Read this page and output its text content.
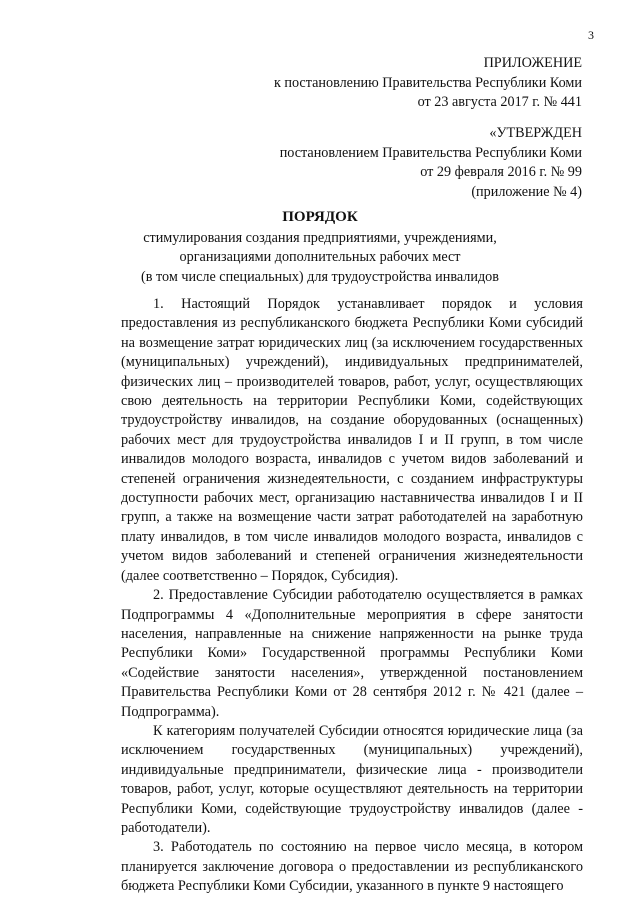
3
ПРИЛОЖЕНИЕ
к постановлению Правительства Республики Коми
от 23 августа 2017 г. № 441
«УТВЕРЖДЕН
постановлением Правительства Республики Коми
от 29 февраля 2016 г. № 99
(приложение № 4)
ПОРЯДОК
стимулирования создания предприятиями, учреждениями,
организациями дополнительных рабочих мест
(в том числе специальных) для трудоустройства инвалидов

1. Настоящий Порядок устанавливает порядок и условия предоставления из республиканского бюджета Республики Коми субсидий на возмещение затрат юридических лиц (за исключением государственных (муниципальных) учреждений), индивидуальных предпринимателей, физических лиц – производителей товаров, работ, услуг, осуществляющих свою деятельность на территории Республики Коми, содействующих трудоустройству инвалидов, на создание оборудованных (оснащенных) рабочих мест для трудоустройства инвалидов I и II групп, в том числе инвалидов молодого возраста, инвалидов с учетом видов заболеваний и степеней ограничения жизнедеятельности, с созданием инфраструктуры доступности рабочих мест, организацию наставничества инвалидов I и II групп, а также на возмещение части затрат работодателей на заработную плату инвалидов, в том числе инвалидов молодого возраста, инвалидов с учетом видов заболеваний и степеней ограничения жизнедеятельности (далее соответственно – Порядок, Субсидия).

2. Предоставление Субсидии работодателю осуществляется в рамках Подпрограммы 4 «Дополнительные мероприятия в сфере занятости населения, направленные на снижение напряженности на рынке труда Республики Коми» Государственной программы Республики Коми «Содействие занятости населения», утвержденной постановлением Правительства Республики Коми от 28 сентября 2012 г. № 421 (далее – Подпрограмма).

К категориям получателей Субсидии относятся юридические лица (за исключением государственных (муниципальных) учреждений), индивидуальные предприниматели, физические лица - производители товаров, работ, услуг, которые осуществляют деятельность на территории Республики Коми, содействующие трудоустройству инвалидов (далее - работодатели).

3. Работодатель по состоянию на первое число месяца, в котором планируется заключение договора о предоставлении из республиканского бюджета Республики Коми Субсидии, указанного в пункте 9 настоящего
